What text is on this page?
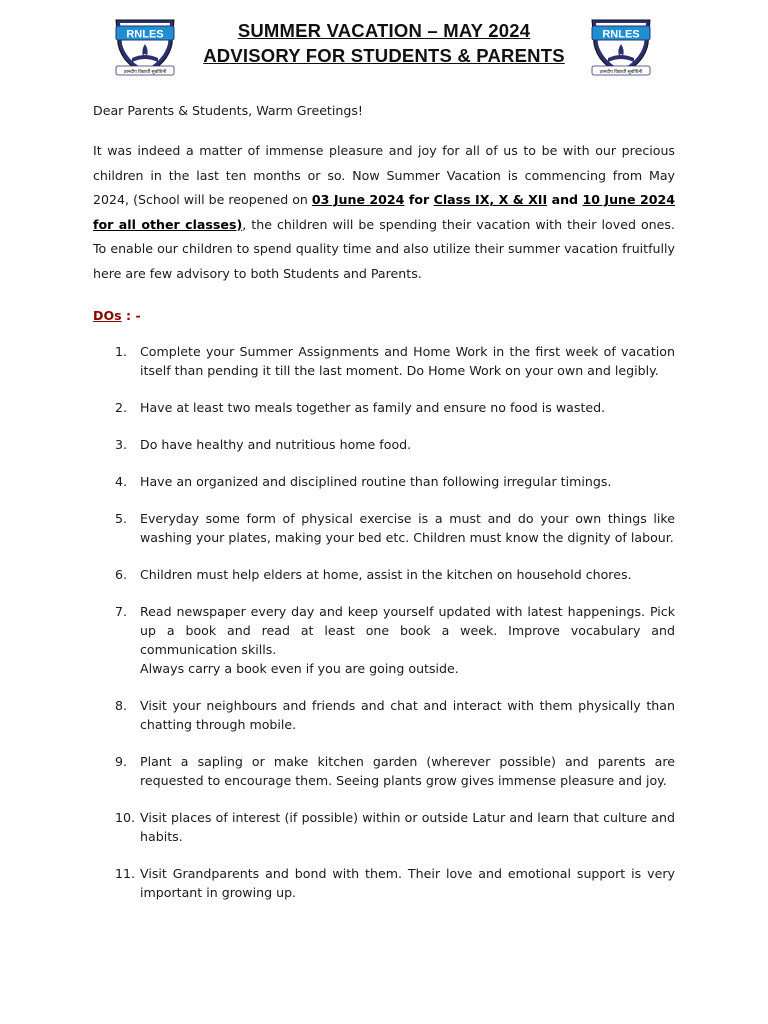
RNLES
ज्ञानदीप विद्यार्थी सुबोधिनी
SUMMER VACATION – MAY 2024
ADVISORY FOR STUDENTS & PARENTS
RNLES
ज्ञानदीप विद्यार्थी सुबोधिनी

Dear Parents & Students, Warm Greetings!

It was indeed a matter of immense pleasure and joy for all of us to be with our precious children in the last ten months or so. Now Summer Vacation is commencing from May 2024, (School will be reopened on 03 June 2024 for Class IX, X & XII and 10 June 2024 for all other classes), the children will be spending their vacation with their loved ones. To enable our children to spend quality time and also utilize their summer vacation fruitfully here are few advisory to both Students and Parents.

DOs : -

1.	Complete your Summer Assignments and Home Work in the first week of vacation itself than pending it till the last moment. Do Home Work on your own and legibly.
2.	Have at least two meals together as family and ensure no food is wasted.
3.	Do have healthy and nutritious home food.
4.	Have an organized and disciplined routine than following irregular timings.
5.	Everyday some form of physical exercise is a must and do your own things like washing your plates, making your bed etc. Children must know the dignity of labour.
6.	Children must help elders at home, assist in the kitchen on household chores.
7.	Read newspaper every day and keep yourself updated with latest happenings. Pick up a book and read at least one book a week. Improve vocabulary and communication skills.
Always carry a book even if you are going outside.
8.	Visit your neighbours and friends and chat and interact with them physically than chatting through mobile.
9.	Plant a sapling or make kitchen garden (wherever possible) and parents are requested to encourage them. Seeing plants grow gives immense pleasure and joy.
10. Visit places of interest (if possible) within or outside Latur and learn that culture and habits.
11. Visit Grandparents and bond with them. Their love and emotional support is very important in growing up.
